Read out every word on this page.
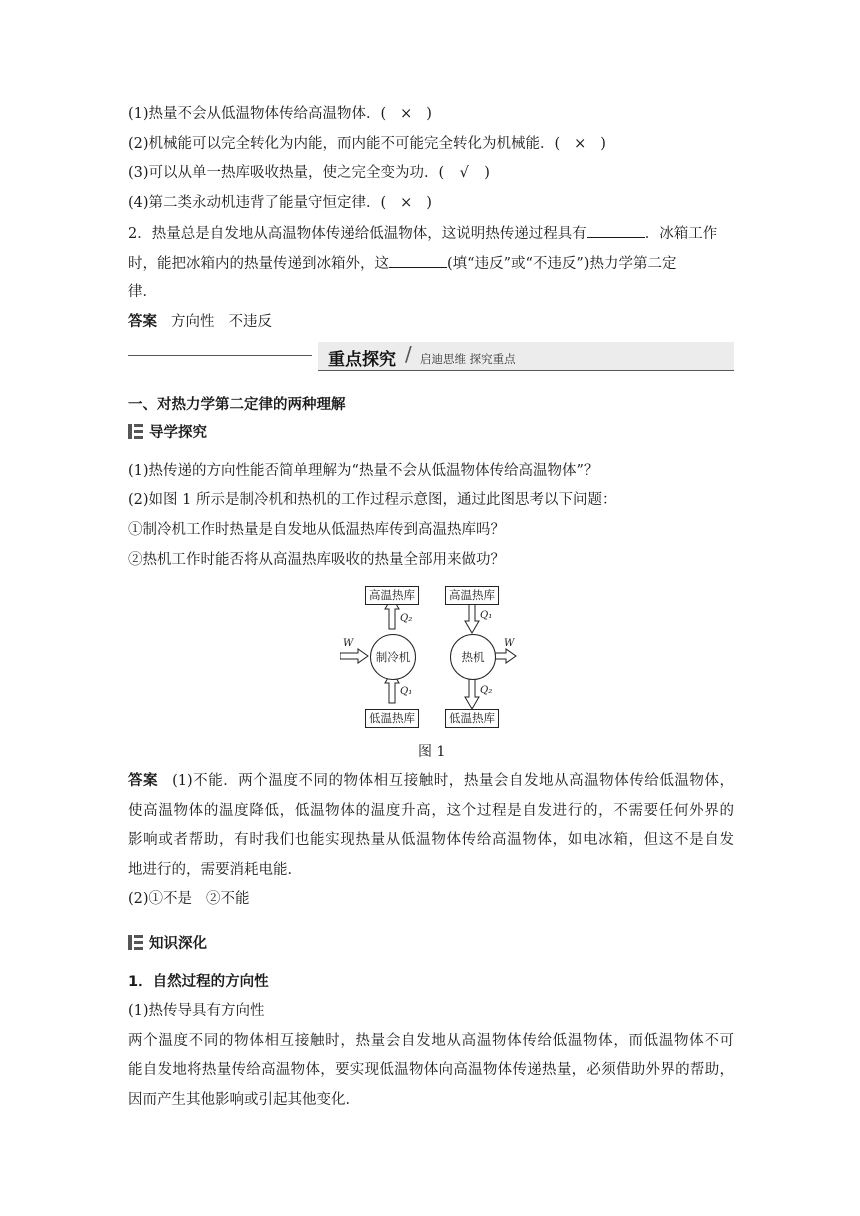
(1)热量不会从低温物体传给高温物体．( × )
(2)机械能可以完全转化为内能，而内能不可能完全转化为机械能．( × )
(3)可以从单一热库吸收热量，使之完全变为功．( √ )
(4)第二类永动机违背了能量守恒定律．( × )
2．热量总是自发地从高温物体传递给低温物体，这说明热传递过程具有	．冰箱工作
时，能把冰箱内的热量传递到冰箱外，这	(填“违反”或“不违反”)热力学第二定
律．
答案 方向性 不违反
重点探究 / 启迪思维 探究重点
一、对热力学第二定律的两种理解
导学探究
(1)热传递的方向性能否简单理解为“热量不会从低温物体传给高温物体”？
(2)如图 1 所示是制冷机和热机的工作过程示意图，通过此图思考以下问题：
①制冷机工作时热量是自发地从低温热库传到高温热库吗？
②热机工作时能否将从高温热库吸收的热量全部用来做功？
高温热库	高温热库
制冷机	热机
低温热库	低温热库
Q₂
Q₁
Q₁
Q₂
W	W
图 1
答案 (1)不能．两个温度不同的物体相互接触时，热量会自发地从高温物体传给低温物体，
使高温物体的温度降低，低温物体的温度升高，这个过程是自发进行的，不需要任何外界的
影响或者帮助，有时我们也能实现热量从低温物体传给高温物体，如电冰箱，但这不是自发
地进行的，需要消耗电能．
(2)①不是 ②不能
知识深化
1．自然过程的方向性
(1)热传导具有方向性
两个温度不同的物体相互接触时，热量会自发地从高温物体传给低温物体，而低温物体不可
能自发地将热量传给高温物体，要实现低温物体向高温物体传递热量，必须借助外界的帮助，
因而产生其他影响或引起其他变化．
